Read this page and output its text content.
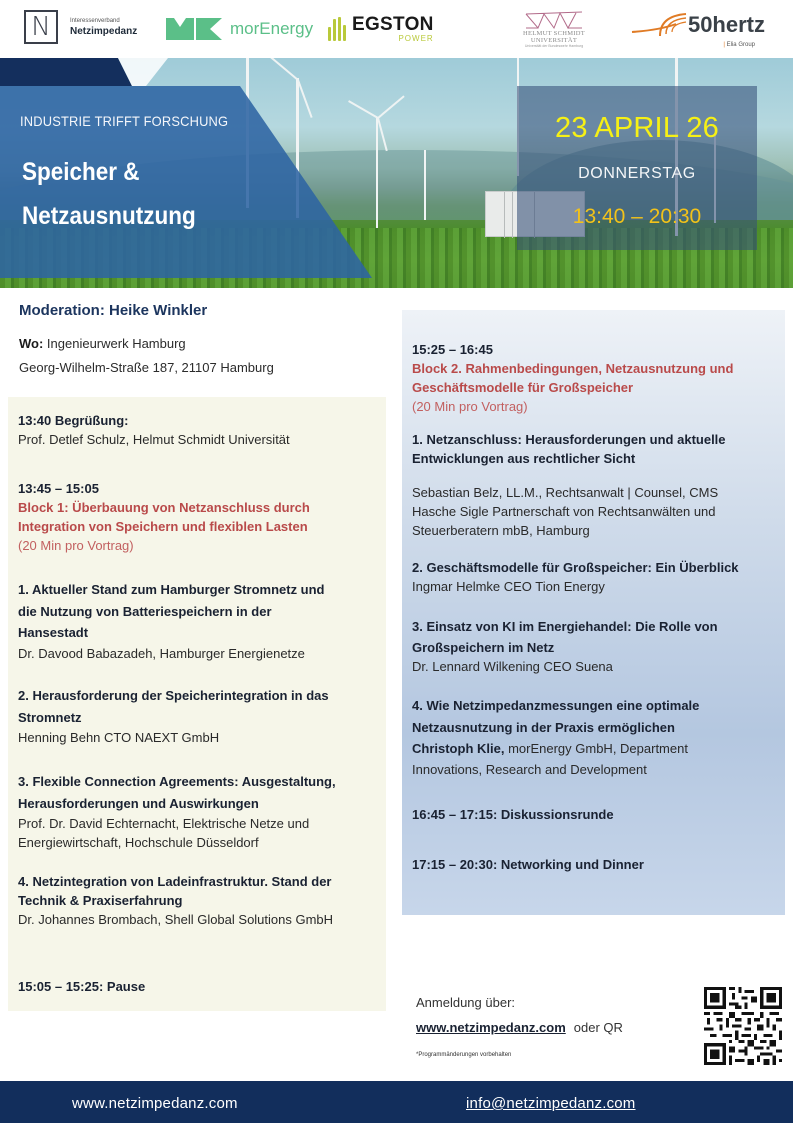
N	Interessenverband
Netzimpedanz	morEnergy EGSTON
POWER
HELMUT SCHMIDT
UNIVERSITÄT
Universität der Bundeswehr Hamburg
50hertz
| Elia Group
INDUSTRIE TRIFFT FORSCHUNG
Speicher &
Netzausnutzung
23 APRIL 26
DONNERSTAG
13:40 – 20:30
Moderation: Heike Winkler
Wo: Ingenieurwerk Hamburg
Georg-Wilhelm-Straße 187, 21107 Hamburg
13:40 Begrüßung:
Prof. Detlef Schulz, Helmut Schmidt Universität
13:45 – 15:05
Block 1: Überbauung von Netzanschluss durch
Integration von Speichern und flexiblen Lasten
(20 Min pro Vortrag)
1. Aktueller Stand zum Hamburger Stromnetz und
die Nutzung von Batteriespeichern in der
Hansestadt
Dr. Davood Babazadeh, Hamburger Energienetze
2. Herausforderung der Speicherintegration in das
Stromnetz
Henning Behn CTO NAEXT GmbH
3. Flexible Connection Agreements: Ausgestaltung,
Herausforderungen und Auswirkungen
Prof. Dr. David Echternacht, Elektrische Netze und
Energiewirtschaft, Hochschule Düsseldorf
4. Netzintegration von Ladeinfrastruktur. Stand der
Technik & Praxiserfahrung
Dr. Johannes Brombach, Shell Global Solutions GmbH
15:05 – 15:25: Pause
15:25 – 16:45
Block 2. Rahmenbedingungen, Netzausnutzung und
Geschäftsmodelle für Großspeicher
(20 Min pro Vortrag)
1. Netzanschluss: Herausforderungen und aktuelle
Entwicklungen aus rechtlicher Sicht
Sebastian Belz, LL.M., Rechtsanwalt | Counsel, CMS
Hasche Sigle Partnerschaft von Rechtsanwälten und
Steuerberatern mbB, Hamburg
2. Geschäftsmodelle für Großspeicher: Ein Überblick
Ingmar Helmke CEO Tion Energy
3. Einsatz von KI im Energiehandel: Die Rolle von
Großspeichern im Netz
Dr. Lennard Wilkening CEO Suena
4. Wie Netzimpedanzmessungen eine optimale
Netzausnutzung in der Praxis ermöglichen
Christoph Klie, morEnergy GmbH, Department
Innovations, Research and Development
16:45 – 17:15: Diskussionsrunde
17:15 – 20:30: Networking und Dinner
Anmeldung über:
www.netzimpedanz.com oder QR
*Programmänderungen vorbehalten
www.netzimpedanz.com	info@netzimpedanz.com
